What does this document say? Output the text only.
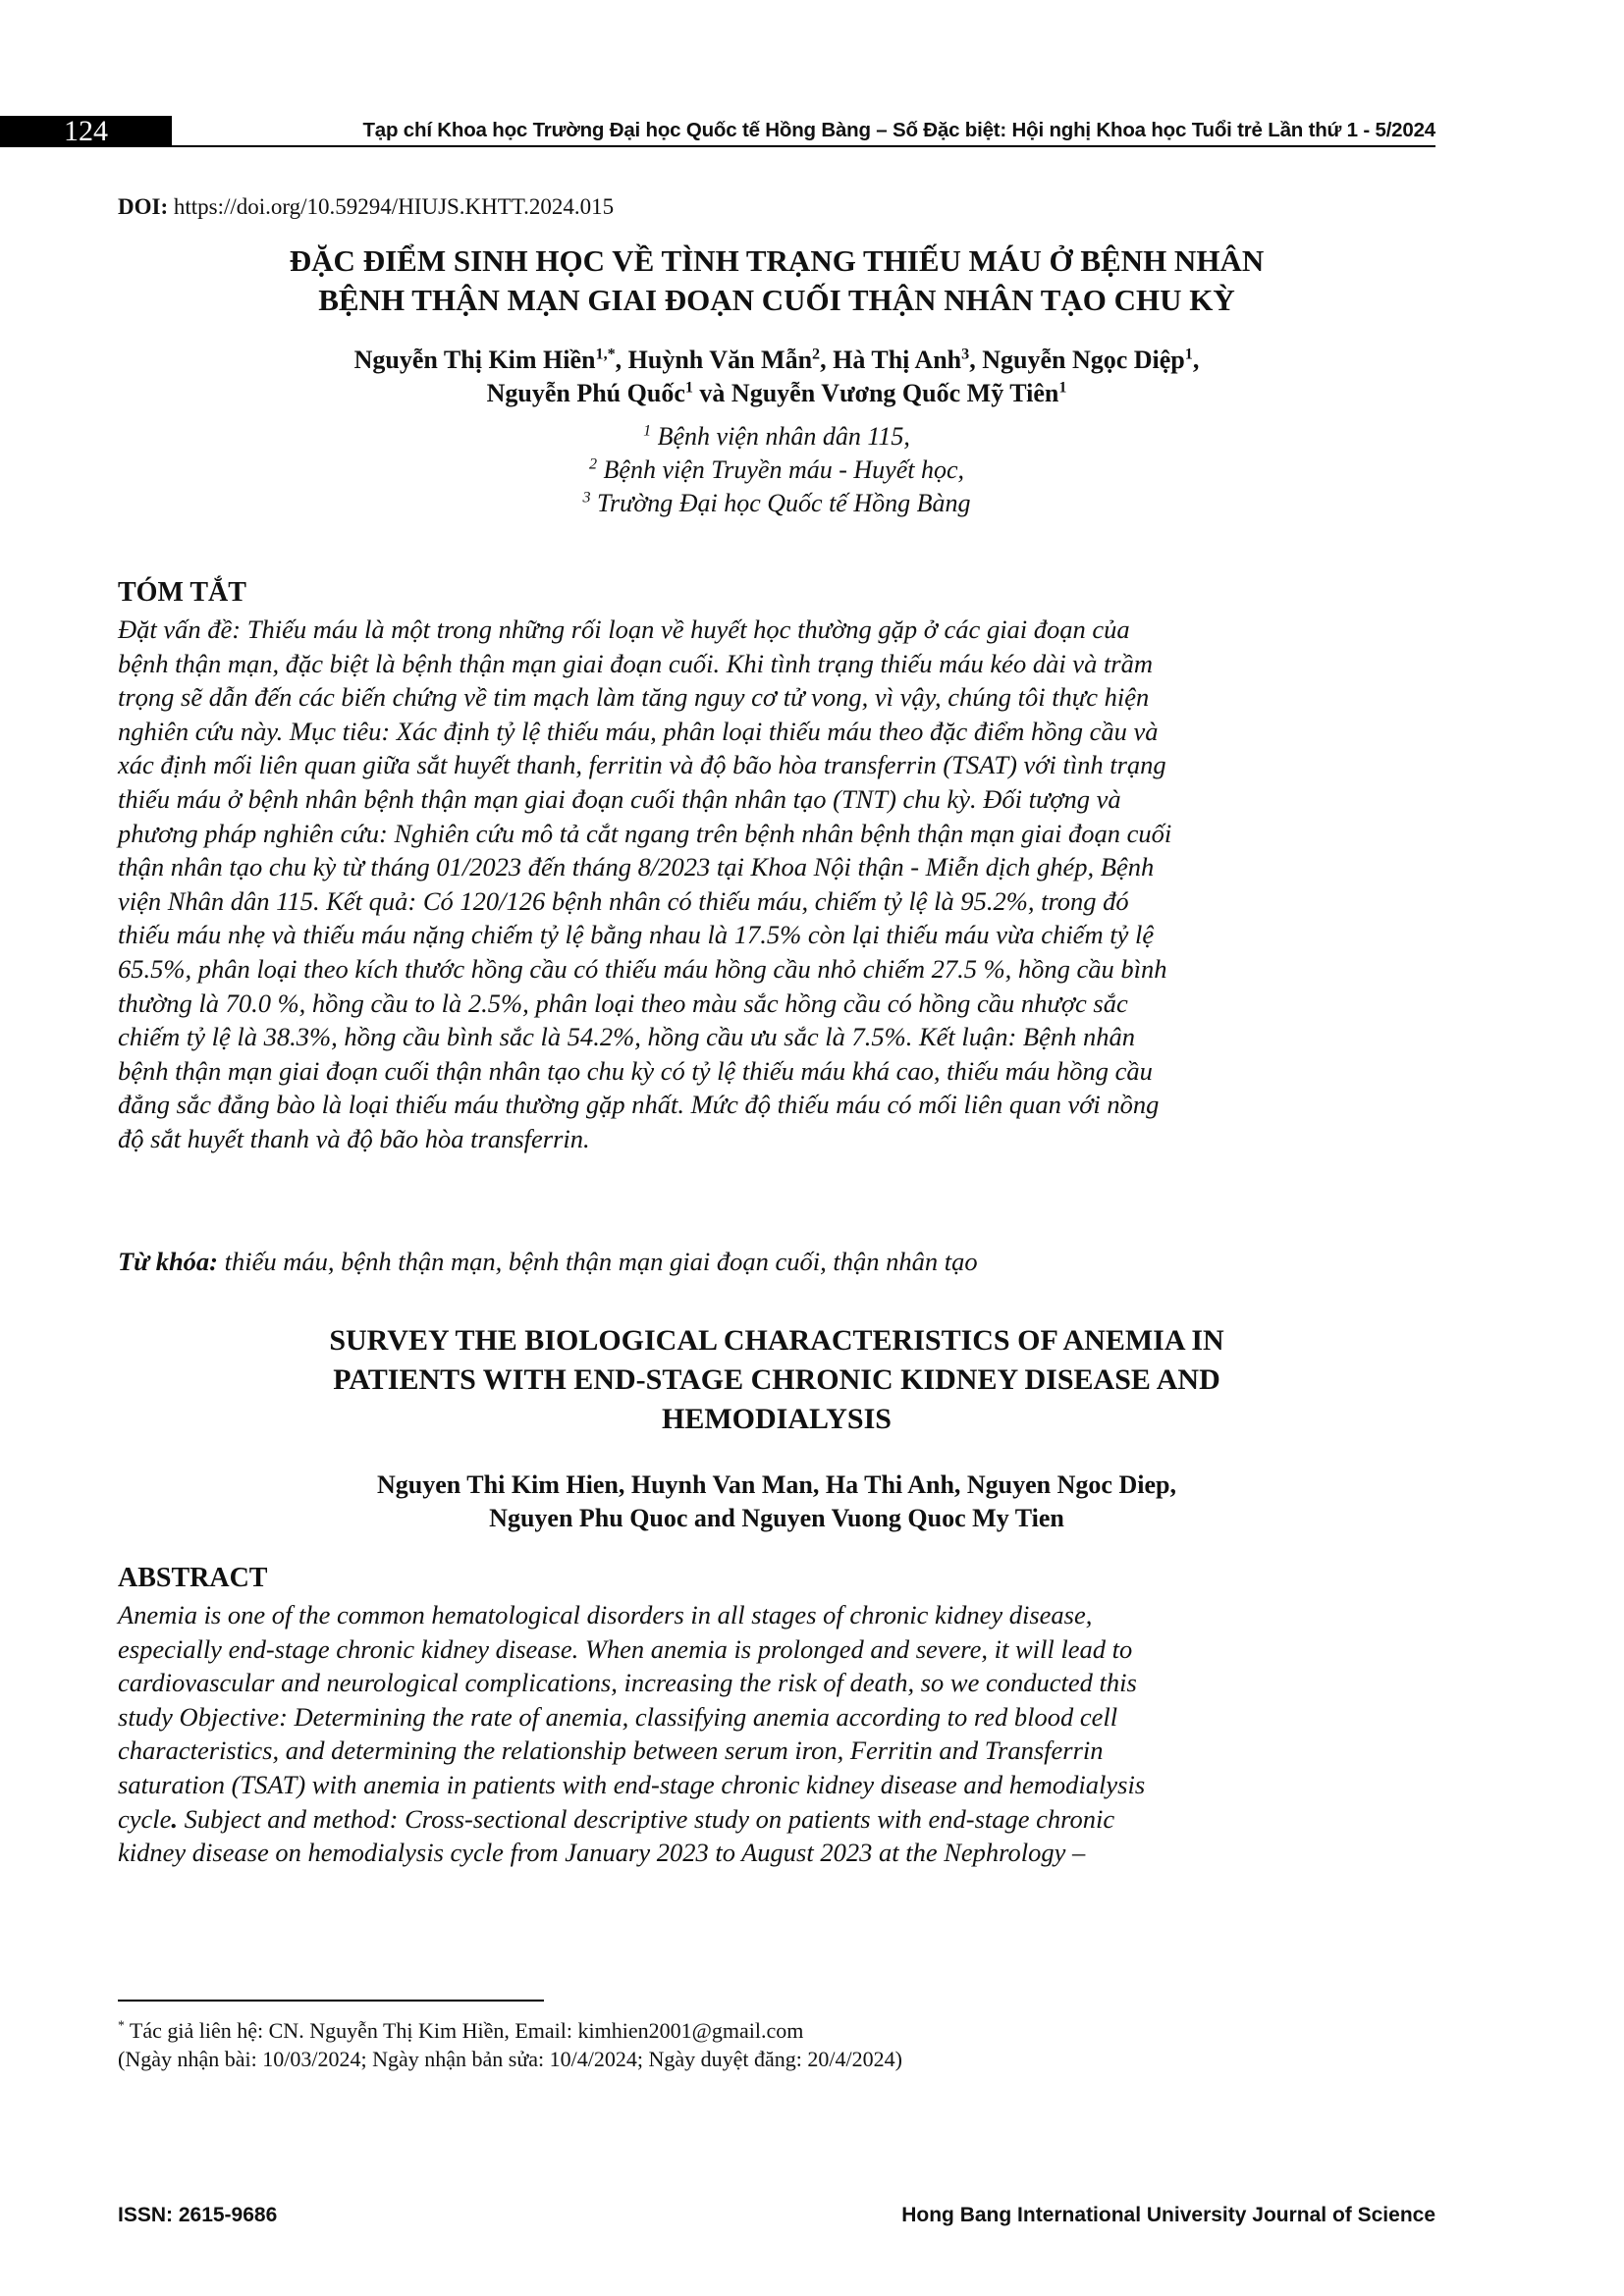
124	Tạp chí Khoa học Trường Đại học Quốc tế Hồng Bàng – Số Đặc biệt: Hội nghị Khoa học Tuổi trẻ Lần thứ 1 - 5/2024
DOI: https://doi.org/10.59294/HIUJS.KHTT.2024.015
ĐẶC ĐIỂM SINH HỌC VỀ TÌNH TRẠNG THIẾU MÁU Ở BỆNH NHÂN
BỆNH THẬN MẠN GIAI ĐOẠN CUỐI THẬN NHÂN TẠO CHU KỲ
Nguyễn Thị Kim Hiền$^{1,*}$, Huỳnh Văn Mẫn$^2$, Hà Thị Anh$^3$, Nguyễn Ngọc Diệp$^1$,
Nguyễn Phú Quốc$^1$ và Nguyễn Vương Quốc Mỹ Tiên$^1$
$^1$ Bệnh viện nhân dân 115,
$^2$ Bệnh viện Truyền máu - Huyết học,
$^3$ Trường Đại học Quốc tế Hồng Bàng
TÓM TẮT
Đặt vấn đề: Thiếu máu là một trong những rối loạn về huyết học thường gặp ở các giai đoạn của
bệnh thận mạn, đặc biệt là bệnh thận mạn giai đoạn cuối. Khi tình trạng thiếu máu kéo dài và trầm
trọng sẽ dẫn đến các biến chứng về tim mạch làm tăng nguy cơ tử vong, vì vậy, chúng tôi thực hiện
nghiên cứu này. Mục tiêu: Xác định tỷ lệ thiếu máu, phân loại thiếu máu theo đặc điểm hồng cầu và
xác định mối liên quan giữa sắt huyết thanh, ferritin và độ bão hòa transferrin (TSAT) với tình trạng
thiếu máu ở bệnh nhân bệnh thận mạn giai đoạn cuối thận nhân tạo (TNT) chu kỳ. Đối tượng và
phương pháp nghiên cứu: Nghiên cứu mô tả cắt ngang trên bệnh nhân bệnh thận mạn giai đoạn cuối
thận nhân tạo chu kỳ từ tháng 01/2023 đến tháng 8/2023 tại Khoa Nội thận - Miễn dịch ghép, Bệnh
viện Nhân dân 115. Kết quả: Có 120/126 bệnh nhân có thiếu máu, chiếm tỷ lệ là 95.2%, trong đó
thiếu máu nhẹ và thiếu máu nặng chiếm tỷ lệ bằng nhau là 17.5% còn lại thiếu máu vừa chiếm tỷ lệ
65.5%, phân loại theo kích thước hồng cầu có thiếu máu hồng cầu nhỏ chiếm 27.5 %, hồng cầu bình
thường là 70.0 %, hồng cầu to là 2.5%, phân loại theo màu sắc hồng cầu có hồng cầu nhược sắc
chiếm tỷ lệ là 38.3%, hồng cầu bình sắc là 54.2%, hồng cầu ưu sắc là 7.5%. Kết luận: Bệnh nhân
bệnh thận mạn giai đoạn cuối thận nhân tạo chu kỳ có tỷ lệ thiếu máu khá cao, thiếu máu hồng cầu
đẳng sắc đẳng bào là loại thiếu máu thường gặp nhất. Mức độ thiếu máu có mối liên quan với nồng
độ sắt huyết thanh và độ bão hòa transferrin.
Từ khóa: thiếu máu, bệnh thận mạn, bệnh thận mạn giai đoạn cuối, thận nhân tạo
SURVEY THE BIOLOGICAL CHARACTERISTICS OF ANEMIA IN
PATIENTS WITH END-STAGE CHRONIC KIDNEY DISEASE AND
HEMODIALYSIS
Nguyen Thi Kim Hien, Huynh Van Man, Ha Thi Anh, Nguyen Ngoc Diep,
Nguyen Phu Quoc and Nguyen Vuong Quoc My Tien
ABSTRACT
Anemia is one of the common hematological disorders in all stages of chronic kidney disease,
especially end-stage chronic kidney disease. When anemia is prolonged and severe, it will lead to
cardiovascular and neurological complications, increasing the risk of death, so we conducted this
study Objective: Determining the rate of anemia, classifying anemia according to red blood cell
characteristics, and determining the relationship between serum iron, Ferritin and Transferrin
saturation (TSAT) with anemia in patients with end-stage chronic kidney disease and hemodialysis
cycle. Subject and method: Cross-sectional descriptive study on patients with end-stage chronic
kidney disease on hemodialysis cycle from January 2023 to August 2023 at the Nephrology –
* Tác giả liên hệ: CN. Nguyễn Thị Kim Hiền, Email: kimhien2001@gmail.com
(Ngày nhận bài: 10/03/2024; Ngày nhận bản sửa: 10/4/2024; Ngày duyệt đăng: 20/4/2024)
ISSN: 2615-9686	Hong Bang International University Journal of Science
